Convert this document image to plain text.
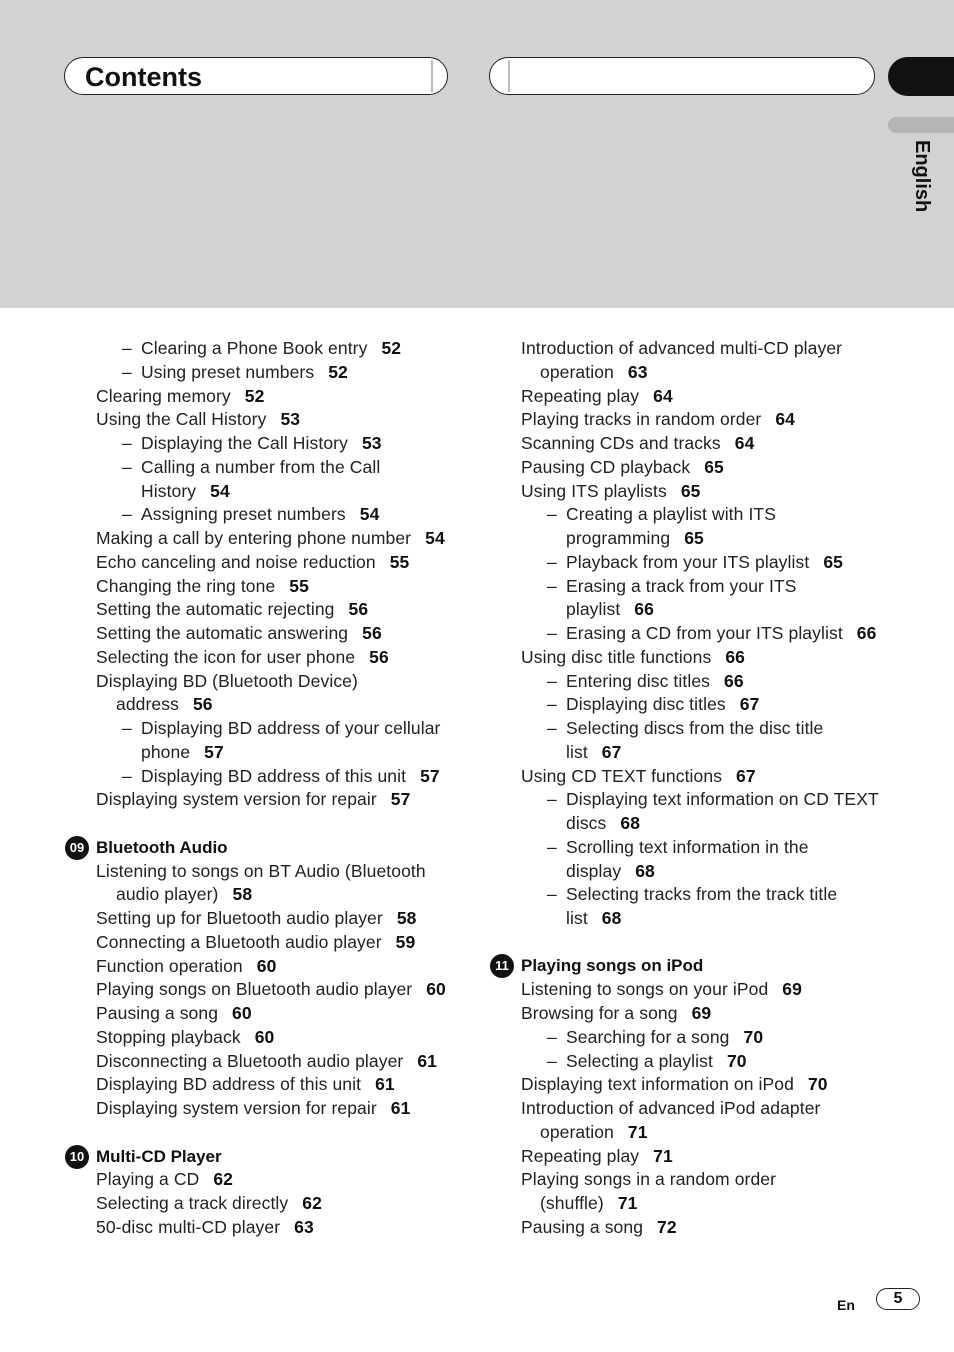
Contents
English
– Clearing a Phone Book entry 52
– Using preset numbers 52
Clearing memory 52
Using the Call History 53
– Displaying the Call History 53
– Calling a number from the Call
History 54
– Assigning preset numbers 54
Making a call by entering phone number 54
Echo canceling and noise reduction 55
Changing the ring tone 55
Setting the automatic rejecting 56
Setting the automatic answering 56
Selecting the icon for user phone 56
Displaying BD (Bluetooth Device)
address 56
– Displaying BD address of your cellular
phone 57
– Displaying BD address of this unit 57
Displaying system version for repair 57
Listening to songs on BT Audio (Bluetooth
audio player) 58
Setting up for Bluetooth audio player 58
Connecting a Bluetooth audio player 59
Function operation 60
Playing songs on Bluetooth audio player 60
Pausing a song 60
Stopping playback 60
Disconnecting a Bluetooth audio player 61
Displaying BD address of this unit 61
Displaying system version for repair 61
Playing a CD 62
Selecting a track directly 62
50-disc multi-CD player 63
Introduction of advanced multi-CD player
operation 63
Repeating play 64
Playing tracks in random order 64
Scanning CDs and tracks 64
Pausing CD playback 65
Using ITS playlists 65
– Creating a playlist with ITS
programming 65
– Playback from your ITS playlist 65
– Erasing a track from your ITS
playlist 66
– Erasing a CD from your ITS playlist 66
Using disc title functions 66
– Entering disc titles 66
– Displaying disc titles 67
– Selecting discs from the disc title
list 67
Using CD TEXT functions 67
– Displaying text information on CD TEXT
discs 68
– Scrolling text information in the
display 68
– Selecting tracks from the track title
list 68
Listening to songs on your iPod 69
Browsing for a song 69
– Searching for a song 70
– Selecting a playlist 70
Displaying text information on iPod 70
Introduction of advanced iPod adapter
operation 71
Repeating play 71
Playing songs in a random order
(shuffle) 71
Pausing a song 72
09 Bluetooth Audio
10 Multi-CD Player
11 Playing songs on iPod
En	5
